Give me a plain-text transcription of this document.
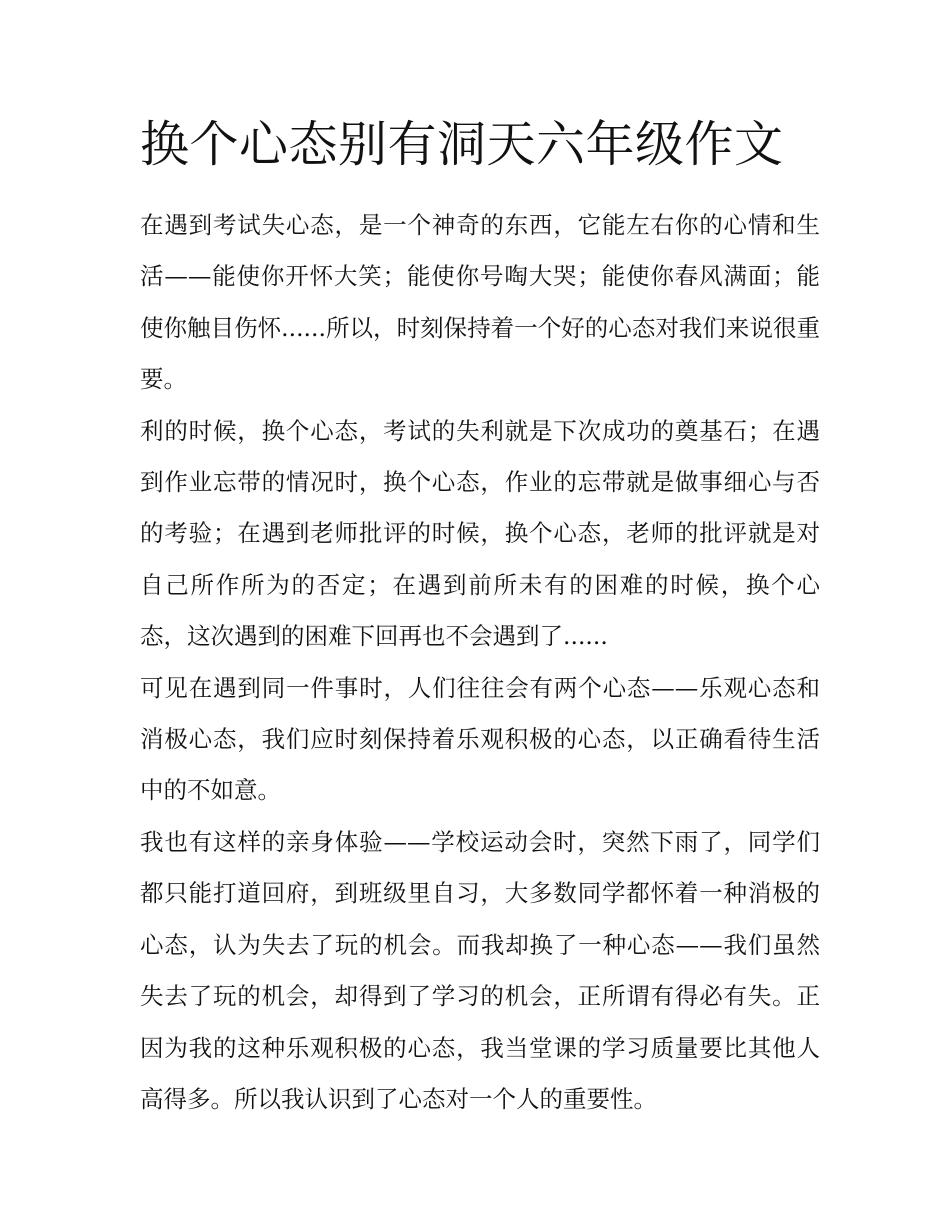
换个心态别有洞天六年级作文

在遇到考试失心态，是一个神奇的东西，它能左右你的心情和生活——能使你开怀大笑；能使你号啕大哭；能使你春风满面；能使你触目伤怀......所以，时刻保持着一个好的心态对我们来说很重要。

利的时候，换个心态，考试的失利就是下次成功的奠基石；在遇到作业忘带的情况时，换个心态，作业的忘带就是做事细心与否的考验；在遇到老师批评的时候，换个心态，老师的批评就是对自己所作所为的否定；在遇到前所未有的困难的时候，换个心态，这次遇到的困难下回再也不会遇到了......

可见在遇到同一件事时，人们往往会有两个心态——乐观心态和消极心态，我们应时刻保持着乐观积极的心态，以正确看待生活中的不如意。

我也有这样的亲身体验——学校运动会时，突然下雨了，同学们都只能打道回府，到班级里自习，大多数同学都怀着一种消极的心态，认为失去了玩的机会。而我却换了一种心态——我们虽然失去了玩的机会，却得到了学习的机会，正所谓有得必有失。正因为我的这种乐观积极的心态，我当堂课的学习质量要比其他人高得多。所以我认识到了心态对一个人的重要性。
